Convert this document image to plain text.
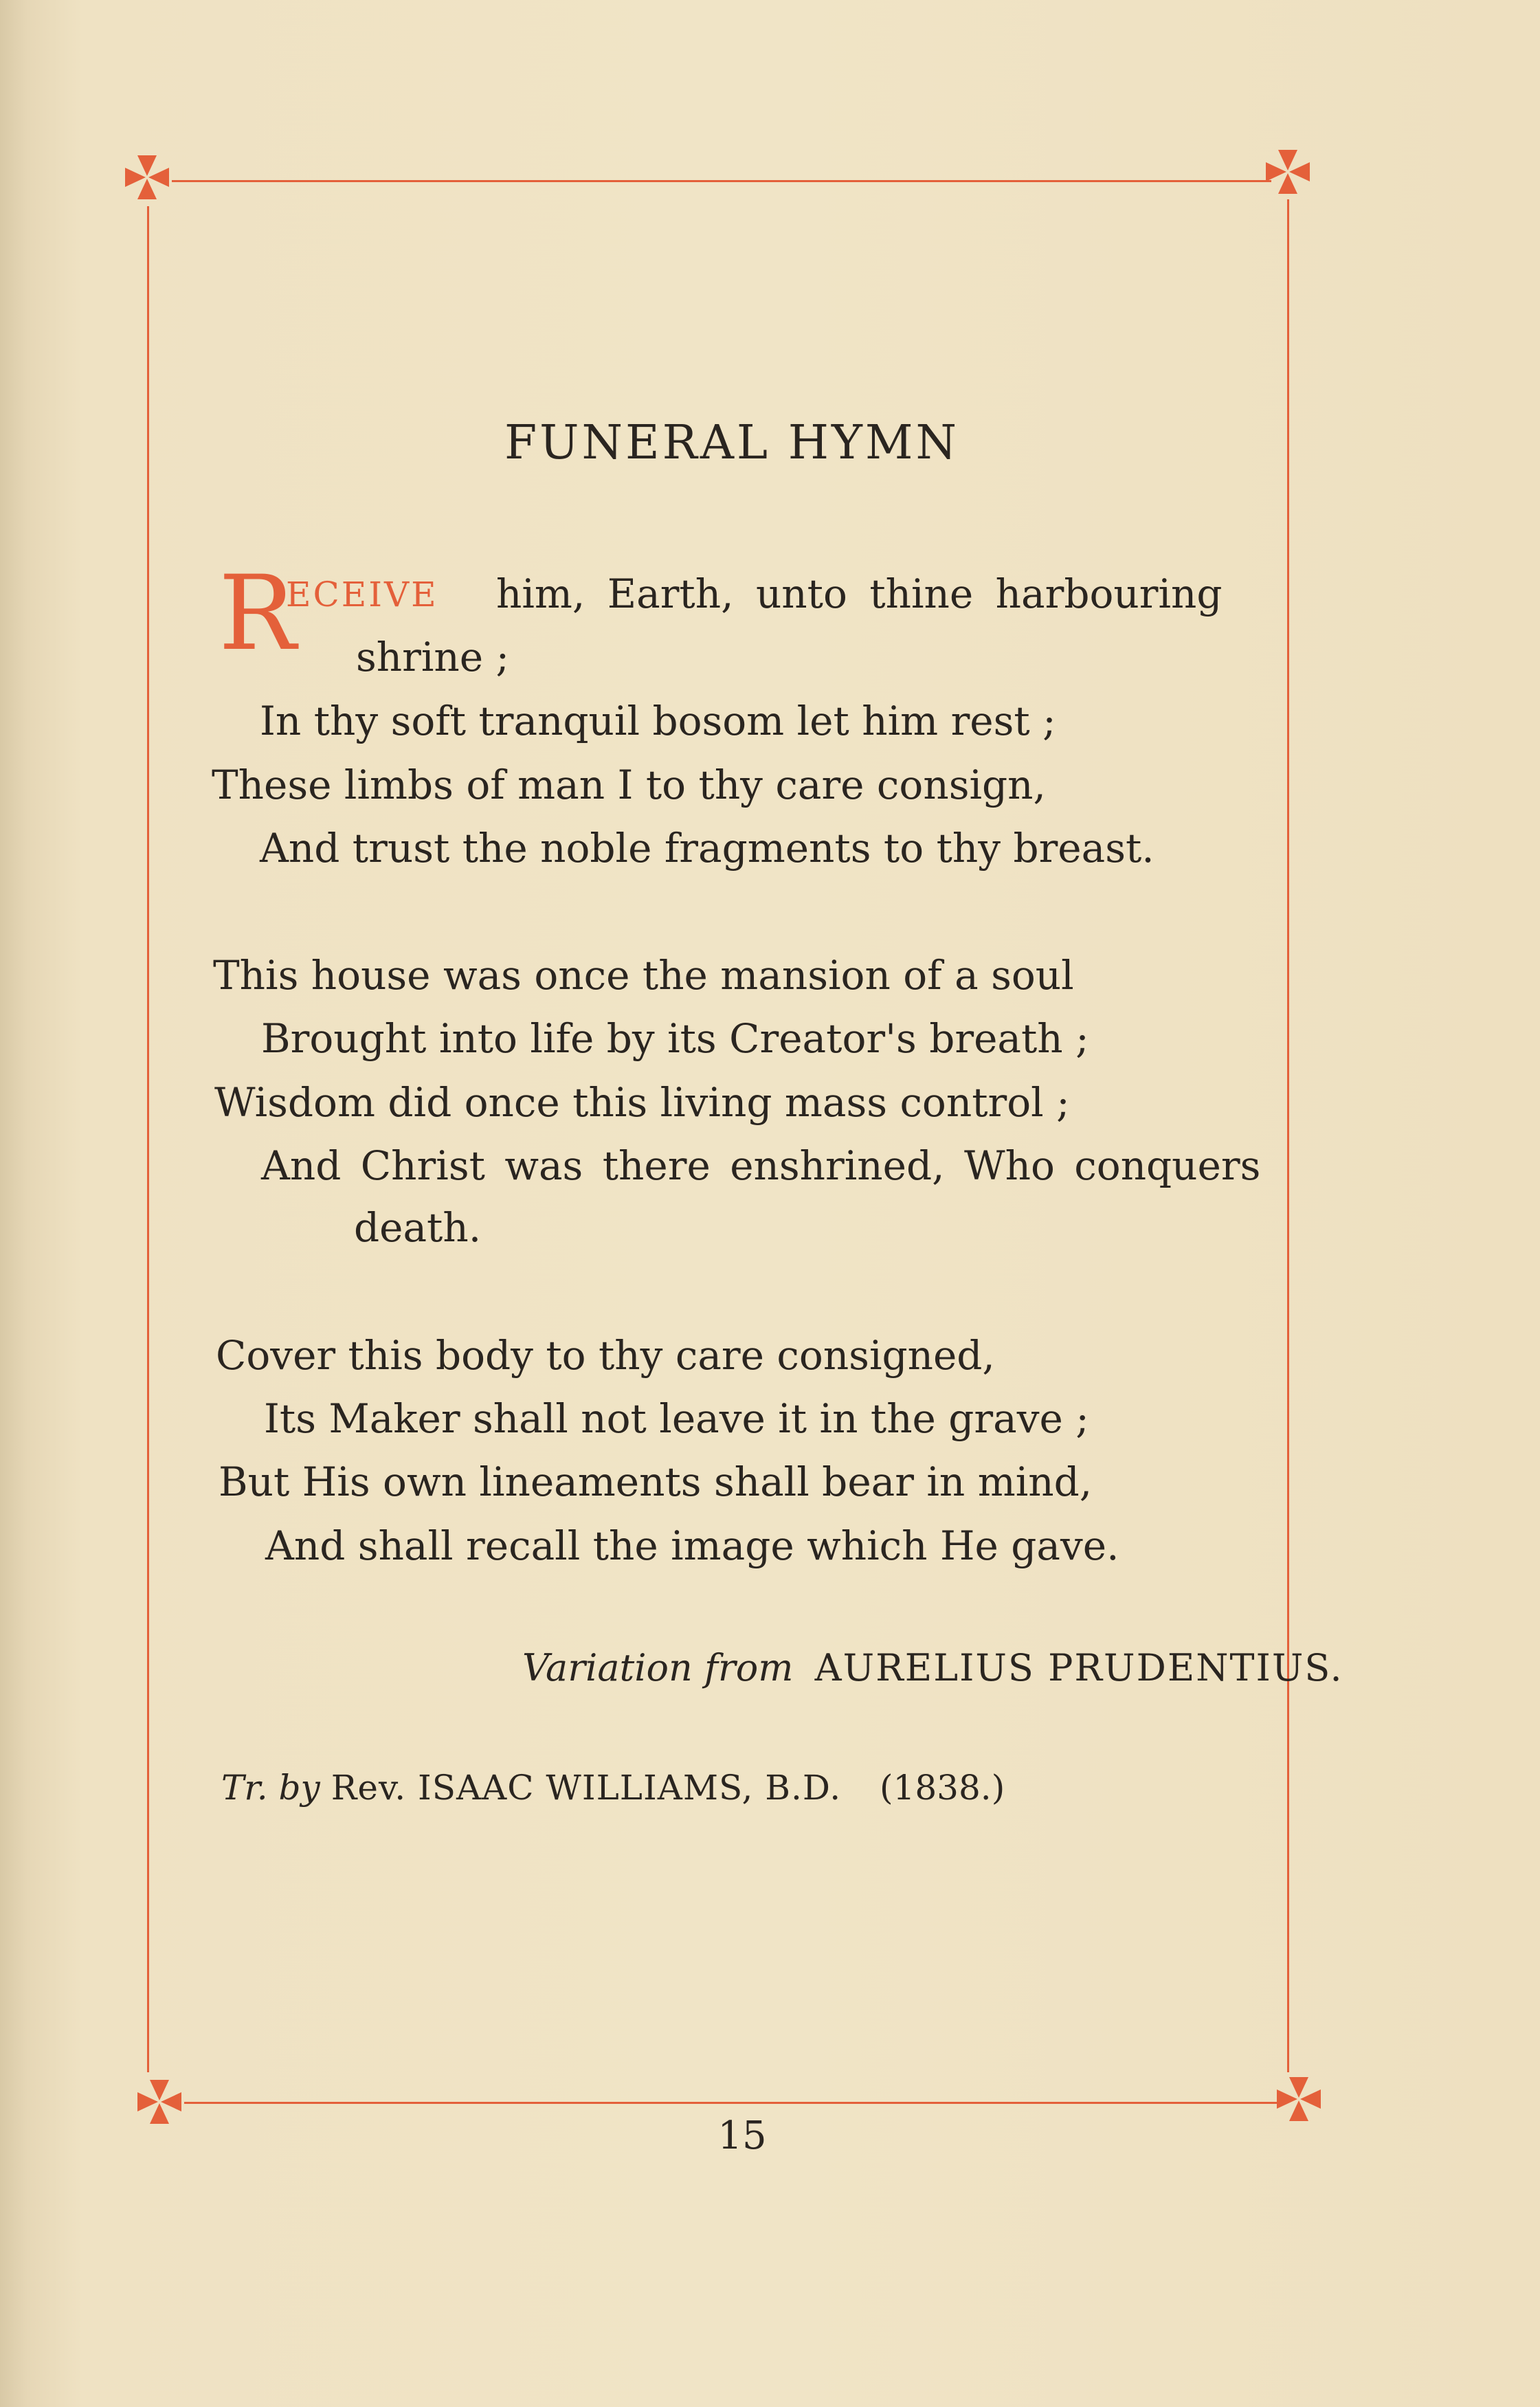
FUNERAL HYMN
R
ECEIVE him, Earth, unto thine harbouring
shrine ;
In thy soft tranquil bosom let him rest ;
These limbs of man I to thy care consign,
And trust the noble fragments to thy breast.
This house was once the mansion of a soul
Brought into life by its Creator's breath ;
Wisdom did once this living mass control ;
And Christ was there enshrined, Who conquers
death.
Cover this body to thy care consigned,
Its Maker shall not leave it in the grave ;
But His own lineaments shall bear in mind,
And shall recall the image which He gave.
Variation from AURELIUS PRUDENTIUS.
Tr. by Rev. ISAAC WILLIAMS, B.D. (1838.)
15
